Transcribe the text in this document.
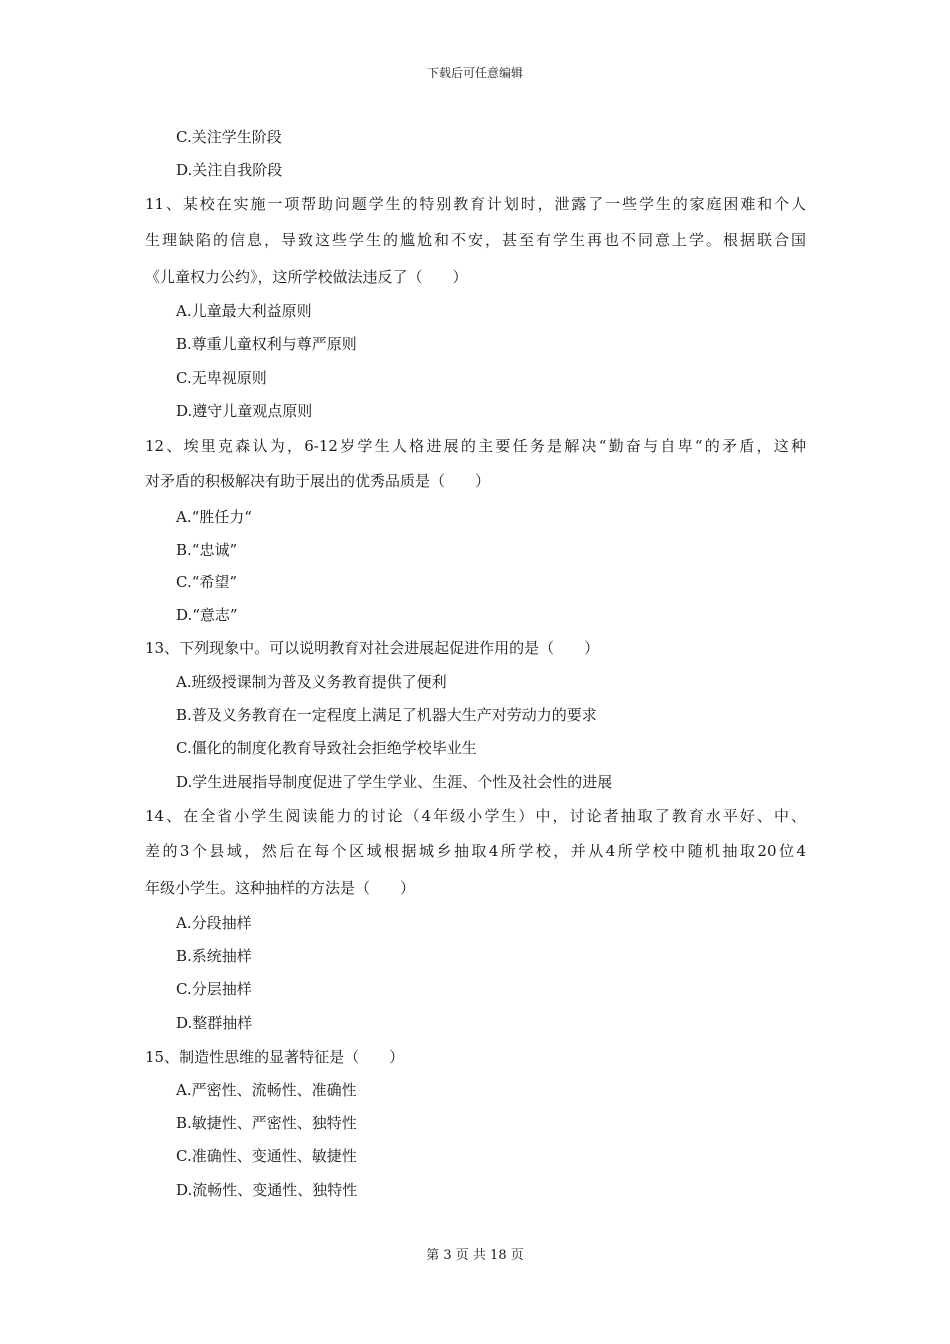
下载后可任意编辑
C.关注学生阶段
D.关注自我阶段
11、某校在实施一项帮助问题学生的特别教育计划时，泄露了一些学生的家庭困难和个人
生理缺陷的信息，导致这些学生的尴尬和不安，甚至有学生再也不同意上学。根据联合国
《儿童权力公约》，这所学校做法违反了（　　）
A.儿童最大利益原则
B.尊重儿童权利与尊严原则
C.无卑视原则
D.遵守儿童观点原则
12、埃里克森认为，6-12岁学生人格进展的主要任务是解决“勤奋与自卑“的矛盾，这种
对矛盾的积极解决有助于展出的优秀品质是（　　）
A.“胜任力“
B.“忠诚”
C.“希望”
D.“意志”
13、下列现象中。可以说明教育对社会进展起促进作用的是（　　）
A.班级授课制为普及义务教育提供了便利
B.普及义务教育在一定程度上满足了机器大生产对劳动力的要求
C.僵化的制度化教育导致社会拒绝学校毕业生
D.学生进展指导制度促进了学生学业、生涯、个性及社会性的进展
14、在全省小学生阅读能力的讨论（4年级小学生）中，讨论者抽取了教育水平好、中、
差的3个县域，然后在每个区域根据城乡抽取4所学校，并从4所学校中随机抽取20位4
年级小学生。这种抽样的方法是（　　）
A.分段抽样
B.系统抽样
C.分层抽样
D.整群抽样
15、制造性思维的显著特征是（　　）
A.严密性、流畅性、准确性
B.敏捷性、严密性、独特性
C.准确性、变通性、敏捷性
D.流畅性、变通性、独特性
第 3 页 共 18 页
